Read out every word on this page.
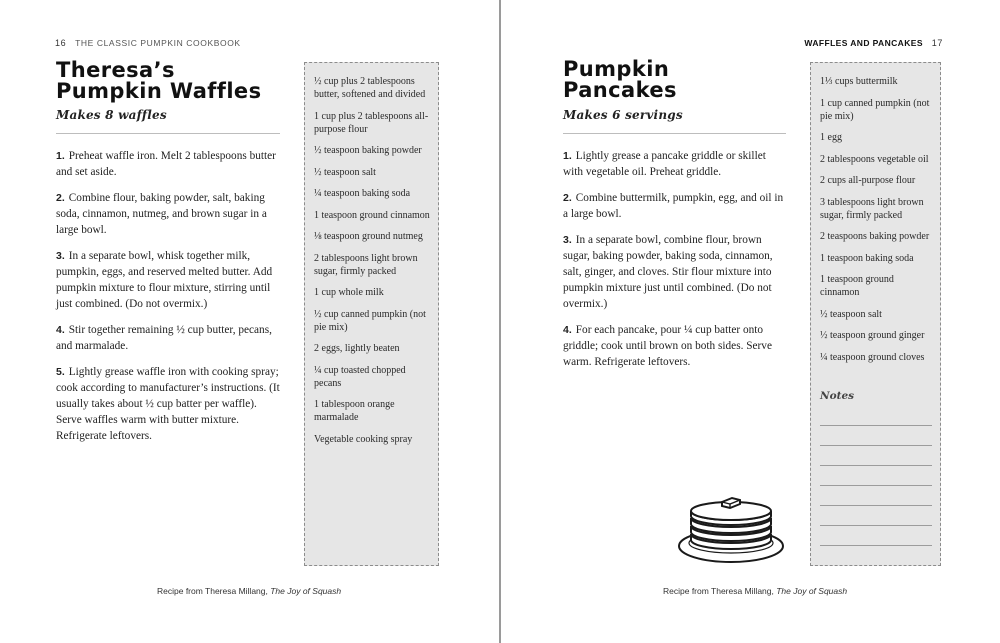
16 THE CLASSIC PUMPKIN COOKBOOK
Theresa’s
Pumpkin Waffles

Makes 8 waffles

1. Preheat waffle iron. Melt 2 tablespoons butter and set aside.
2. Combine flour, baking powder, salt, baking soda, cinnamon, nutmeg, and brown sugar in a large bowl.
3. In a separate bowl, whisk together milk, pumpkin, eggs, and reserved melted butter. Add pumpkin mixture to flour mixture, stirring until just combined. (Do not overmix.)
4. Stir together remaining ½ cup butter, pecans, and marmalade.
5. Lightly grease waffle iron with cooking spray; cook according to manufacturer’s instructions. (It usually takes about ½ cup batter per waffle). Serve waffles warm with butter mixture. Refrigerate leftovers.
½ cup plus 2 tablespoons butter, softened and divided
1 cup plus 2 tablespoons all-purpose flour
½ teaspoon baking powder
½ teaspoon salt
¼ teaspoon baking soda
1 teaspoon ground cinnamon
⅛ teaspoon ground nutmeg
2 tablespoons light brown sugar, firmly packed
1 cup whole milk
½ cup canned pumpkin (not pie mix)
2 eggs, lightly beaten
¼ cup toasted chopped pecans
1 tablespoon orange marmalade
Vegetable cooking spray
Recipe from Theresa Millang, The Joy of Squash
WAFFLES AND PANCAKES 17
Pumpkin
Pancakes

Makes 6 servings

1. Lightly grease a pancake griddle or skillet with vegetable oil. Preheat griddle.
2. Combine buttermilk, pumpkin, egg, and oil in a large bowl.
3. In a separate bowl, combine flour, brown sugar, baking powder, baking soda, cinnamon, salt, ginger, and cloves. Stir flour mixture into pumpkin mixture just until combined. (Do not overmix.)
4. For each pancake, pour ¼ cup batter onto griddle; cook until brown on both sides. Serve warm. Refrigerate leftovers.
1⅓ cups buttermilk
1 cup canned pumpkin (not pie mix)
1 egg
2 tablespoons vegetable oil
2 cups all-purpose flour
3 tablespoons light brown sugar, firmly packed
2 teaspoons baking powder
1 teaspoon baking soda
1 teaspoon ground cinnamon
½ teaspoon salt
½ teaspoon ground ginger
¼ teaspoon ground cloves
Notes
Recipe from Theresa Millang, The Joy of Squash
